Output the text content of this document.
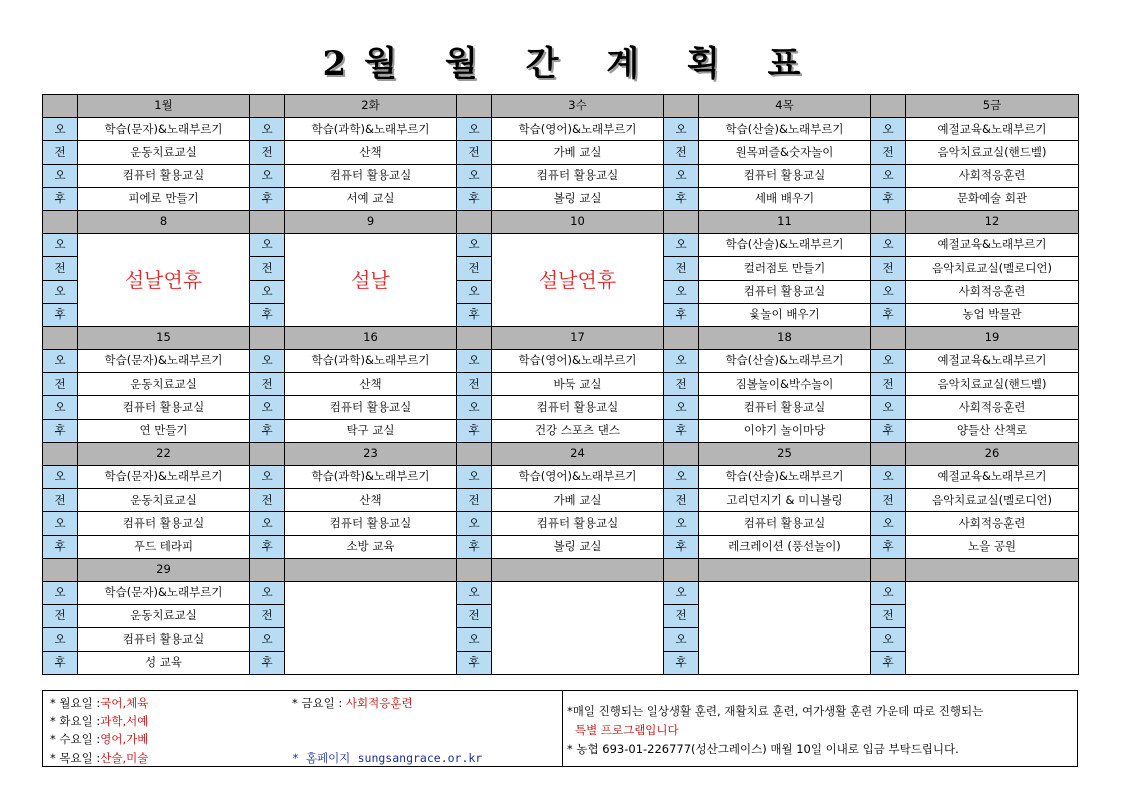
2월 월 간 계 획 표
	1월		2화		3수		4목		5금
오	학습(문자)&노래부르기	오	학습(과학)&노래부르기	오	학습(영어)&노래부르기	오	학습(산술)&노래부르기	오	예절교육&노래부르기
전	운동치료교실	전	산책	전	가베 교실	전	원목퍼즐&숫자놀이	전	음악치료교실(핸드벨)
오	컴퓨터 활용교실	오	컴퓨터 활용교실	오	컴퓨터 활용교실	오	컴퓨터 활용교실	오	사회적응훈련
후	피에로 만들기	후	서예 교실	후	볼링 교실	후	세배 배우기	후	문화예술 회관
	8		9		10		11		12
오	설날연휴	오	설날	오	설날연휴	오	학습(산술)&노래부르기	오	예절교육&노래부르기
전		전		전		전	컬러점토 만들기	전	음악치료교실(멜로디언)
오		오		오		오	컴퓨터 활용교실	오	사회적응훈련
후		후		후		후	윷놀이 배우기	후	농업 박물관
	15		16		17		18		19
오	학습(문자)&노래부르기	오	학습(과학)&노래부르기	오	학습(영어)&노래부르기	오	학습(산술)&노래부르기	오	예절교육&노래부르기
전	운동치료교실	전	산책	전	바둑 교실	전	짐볼놀이&박수놀이	전	음악치료교실(핸드벨)
오	컴퓨터 활용교실	오	컴퓨터 활용교실	오	컴퓨터 활용교실	오	컴퓨터 활용교실	오	사회적응훈련
후	연 만들기	후	탁구 교실	후	건강 스포츠 댄스	후	이야기 놀이마당	후	양들산 산책로
	22		23		24		25		26
오	학습(문자)&노래부르기	오	학습(과학)&노래부르기	오	학습(영어)&노래부르기	오	학습(산술)&노래부르기	오	예절교육&노래부르기
전	운동치료교실	전	산책	전	가베 교실	전	고리던지기 & 미니볼링	전	음악치료교실(멜로디언)
오	컴퓨터 활용교실	오	컴퓨터 활용교실	오	컴퓨터 활용교실	오	컴퓨터 활용교실	오	사회적응훈련
후	푸드 테라피	후	소방 교육	후	볼링 교실	후	레크레이션 (풍선놀이)	후	노을 공원
	29								
오	학습(문자)&노래부르기	오		오		오		오	
전	운동치료교실	전		전		전		전	
오	컴퓨터 활용교실	오		오		오		오	
후	성 교육	후		후		후		후	
* 월요일 :국어,체육
* 화요일 :과학,서예
* 수요일 :영어,가베
* 목요일 :산술,미술
* 금요일 : 사회적응훈련
* 홈페이지 sungsangrace.or.kr
*매일 진행되는 일상생활 훈련, 재활치료 훈련, 여가생활 훈련 가운데 따로 진행되는
특별 프로그램입니다
* 농협 693-01-226777(성산그레이스) 매월 10일 이내로 입금 부탁드립니다.
